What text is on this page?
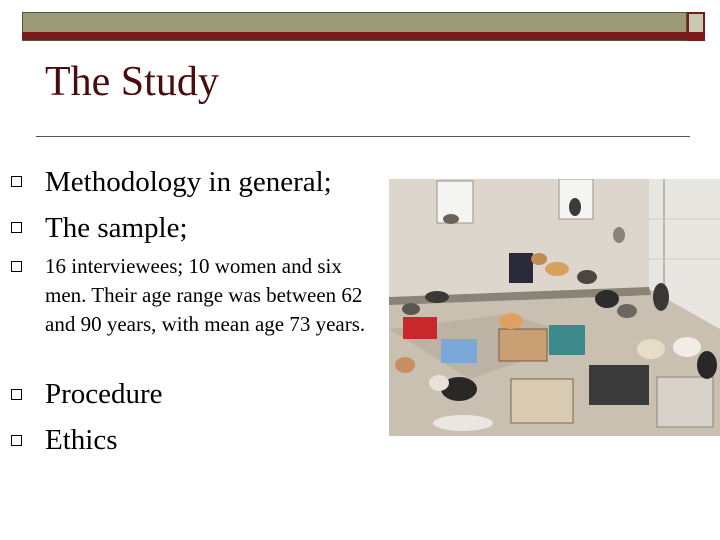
The Study
Methodology in general;
The sample;
16 interviewees; 10 women and six men. Their age range was between 62 and 90 years, with mean age 73 years.
Procedure
Ethics
